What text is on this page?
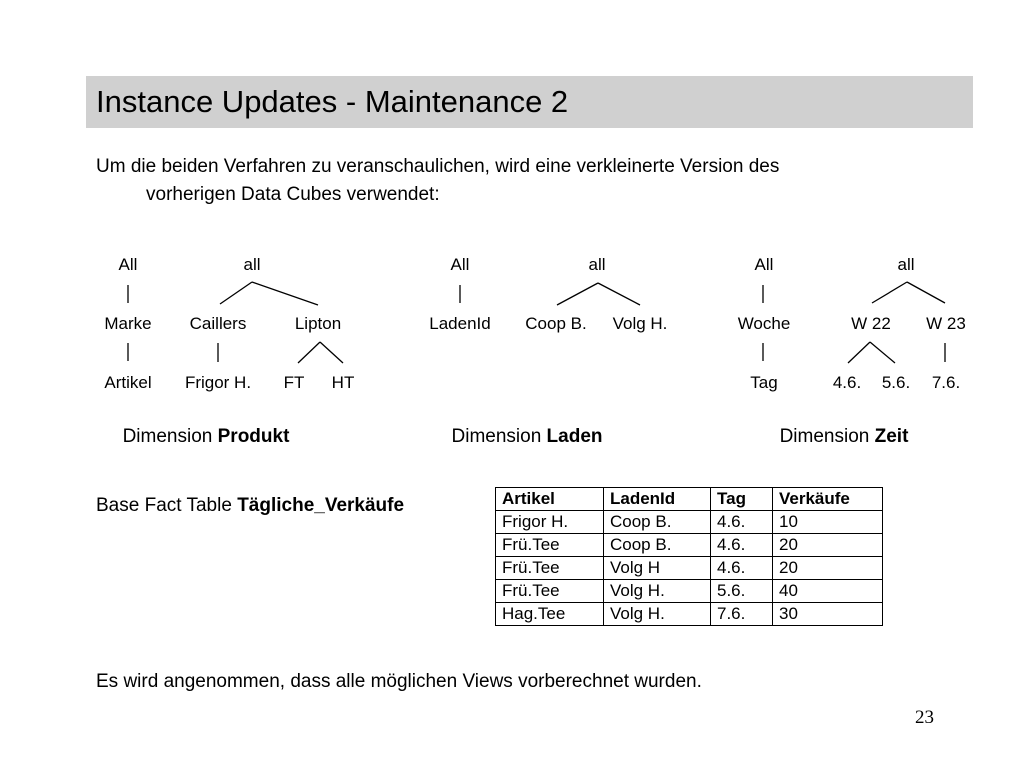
Instance Updates - Maintenance 2
Um die beiden Verfahren zu veranschaulichen, wird eine verkleinerte Version des
vorherigen Data Cubes verwendet:
All
Marke
Artikel
all
Caillers	Lipton
Frigor H. FT HT
All
LadenId
all
Coop B. Volg H.
All
Woche
Tag
all
W 22 W 23
4.6. 5.6. 7.6.
Dimension Produkt	Dimension Laden	Dimension Zeit
Base Fact Table Tägliche_Verkäufe	Artikel	LadenId	Tag	Verkäufe
Frigor H.	Coop B.	4.6.	10
Frü.Tee	Coop B.	4.6.	20
Frü.Tee	Volg H	4.6.	20
Frü.Tee	Volg H.	5.6.	40
Hag.Tee	Volg H.	7.6.	30
Es wird angenommen, dass alle möglichen Views vorberechnet wurden.
23
